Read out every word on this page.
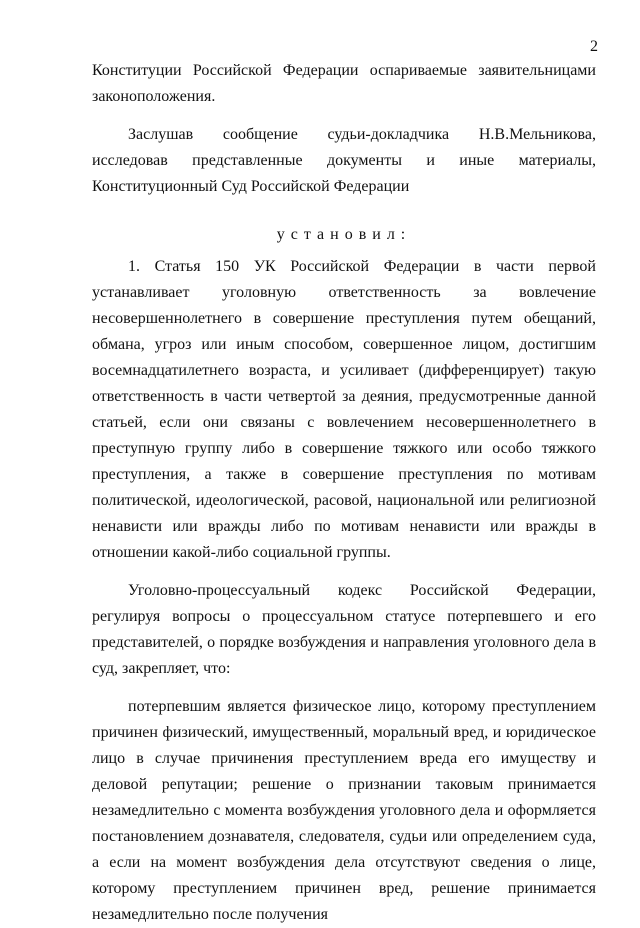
2

Конституции Российской Федерации оспариваемые заявительницами законоположения.

Заслушав сообщение судьи-докладчика Н.В.Мельникова, исследовав представленные документы и иные материалы, Конституционный Суд Российской Федерации

установил:

1. Статья 150 УК Российской Федерации в части первой устанавливает уголовную ответственность за вовлечение несовершеннолетнего в совершение преступления путем обещаний, обмана, угроз или иным способом, совершенное лицом, достигшим восемнадцатилетнего возраста, и усиливает (дифференцирует) такую ответственность в части четвертой за деяния, предусмотренные данной статьей, если они связаны с вовлечением несовершеннолетнего в преступную группу либо в совершение тяжкого или особо тяжкого преступления, а также в совершение преступления по мотивам политической, идеологической, расовой, национальной или религиозной ненависти или вражды либо по мотивам ненависти или вражды в отношении какой-либо социальной группы.

Уголовно-процессуальный кодекс Российской Федерации, регулируя вопросы о процессуальном статусе потерпевшего и его представителей, о порядке возбуждения и направления уголовного дела в суд, закрепляет, что:

потерпевшим является физическое лицо, которому преступлением причинен физический, имущественный, моральный вред, и юридическое лицо в случае причинения преступлением вреда его имуществу и деловой репутации; решение о признании таковым принимается незамедлительно с момента возбуждения уголовного дела и оформляется постановлением дознавателя, следователя, судьи или определением суда, а если на момент возбуждения дела отсутствуют сведения о лице, которому преступлением причинен вред, решение принимается незамедлительно после получения
